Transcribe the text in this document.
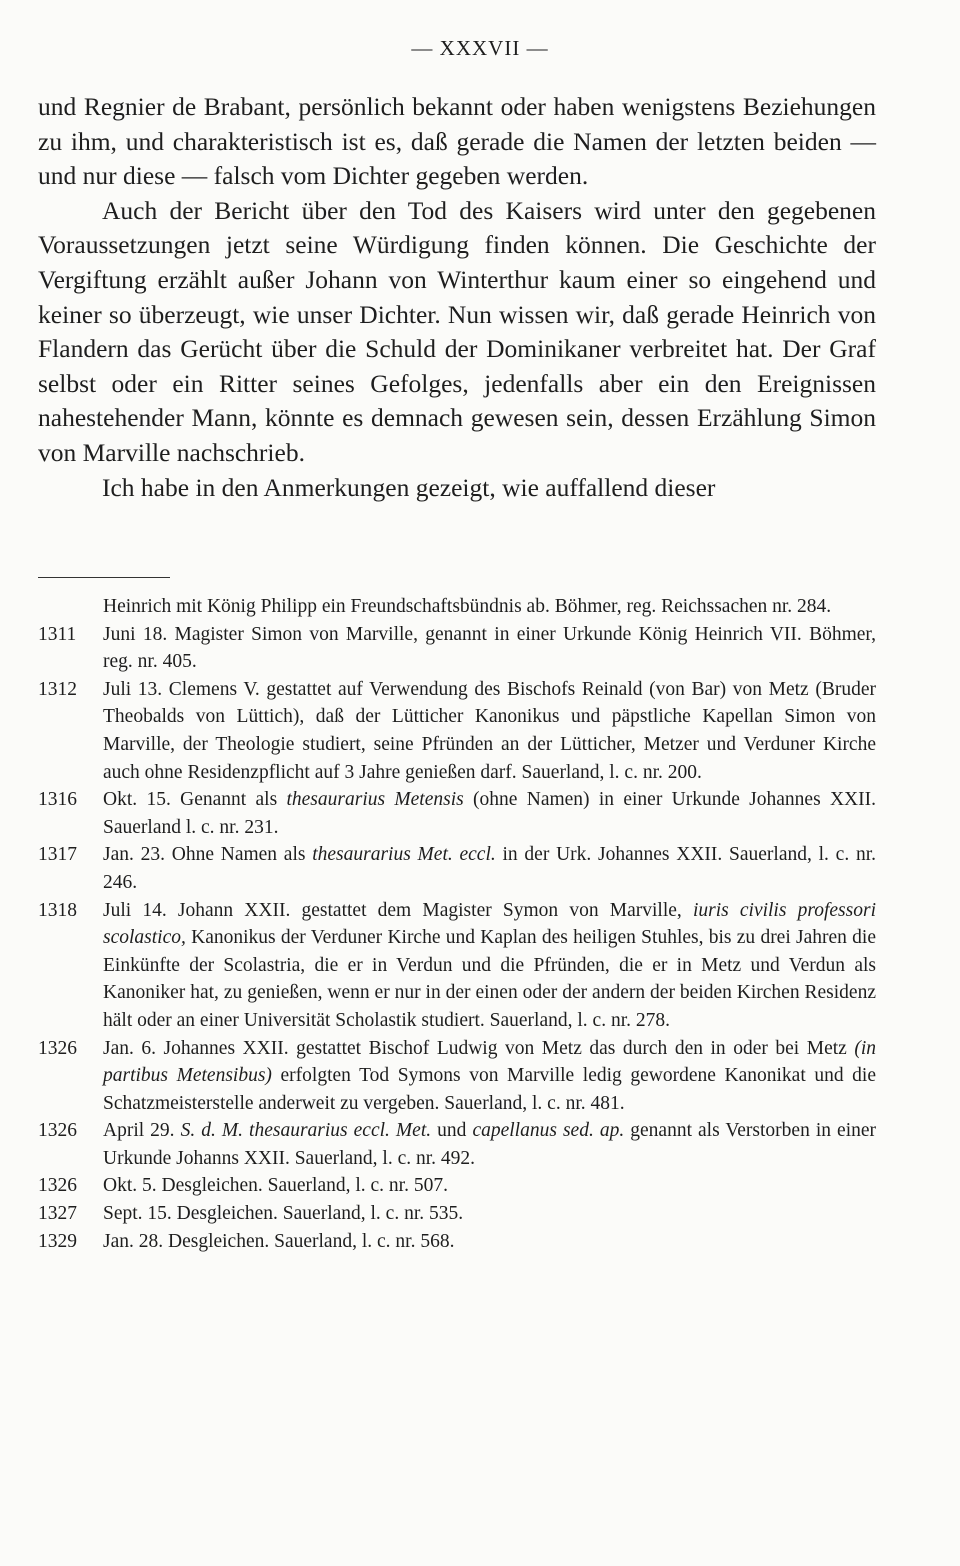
— XXXVII —

und Regnier de Brabant, persönlich bekannt oder haben wenigstens Beziehungen zu ihm, und charakteristisch ist es, daß gerade die Namen der letzten beiden — und nur diese — falsch vom Dichter gegeben werden.

Auch der Bericht über den Tod des Kaisers wird unter den gegebenen Voraussetzungen jetzt seine Würdigung finden können. Die Geschichte der Vergiftung erzählt außer Johann von Winterthur kaum einer so eingehend und keiner so überzeugt, wie unser Dichter. Nun wissen wir, daß gerade Heinrich von Flandern das Gerücht über die Schuld der Dominikaner verbreitet hat. Der Graf selbst oder ein Ritter seines Gefolges, jedenfalls aber ein den Ereignissen nahestehender Mann, könnte es demnach gewesen sein, dessen Erzählung Simon von Marville nachschrieb.

Ich habe in den Anmerkungen gezeigt, wie auffallend dieser

Heinrich mit König Philipp ein Freundschaftsbündnis ab. Böhmer, reg. Reichssachen nr. 284.

1311 Juni 18. Magister Simon von Marville, genannt in einer Urkunde König Heinrich VII. Böhmer, reg. nr. 405.

1312 Juli 13. Clemens V. gestattet auf Verwendung des Bischofs Reinald (von Bar) von Metz (Bruder Theobalds von Lüttich), daß der Lütticher Kanonikus und päpstliche Kapellan Simon von Marville, der Theologie studiert, seine Pfründen an der Lütticher, Metzer und Verduner Kirche auch ohne Residenzpflicht auf 3 Jahre genießen darf. Sauerland, l. c. nr. 200.

1316 Okt. 15. Genannt als thesaurarius Metensis (ohne Namen) in einer Urkunde Johannes XXII. Sauerland l. c. nr. 231.

1317 Jan. 23. Ohne Namen als thesaurarius Met. eccl. in der Urk. Johannes XXII. Sauerland, l. c. nr. 246.

1318 Juli 14. Johann XXII. gestattet dem Magister Symon von Marville, iuris civilis professori scolastico, Kanonikus der Verduner Kirche und Kaplan des heiligen Stuhles, bis zu drei Jahren die Einkünfte der Scolastria, die er in Verdun und die Pfründen, die er in Metz und Verdun als Kanoniker hat, zu genießen, wenn er nur in der einen oder der andern der beiden Kirchen Residenz hält oder an einer Universität Scholastik studiert. Sauerland, l. c. nr. 278.

1326 Jan. 6. Johannes XXII. gestattet Bischof Ludwig von Metz das durch den in oder bei Metz (in partibus Metensibus) erfolgten Tod Symons von Marville ledig gewordene Kanonikat und die Schatzmeisterstelle anderweit zu vergeben. Sauerland, l. c. nr. 481.

1326 April 29. S. d. M. thesaurarius eccl. Met. und capellanus sed. ap. genannt als Verstorben in einer Urkunde Johanns XXII. Sauerland, l. c. nr. 492.

1326 Okt. 5. Desgleichen. Sauerland, l. c. nr. 507.

1327 Sept. 15. Desgleichen. Sauerland, l. c. nr. 535.

1329 Jan. 28. Desgleichen. Sauerland, l. c. nr. 568.
